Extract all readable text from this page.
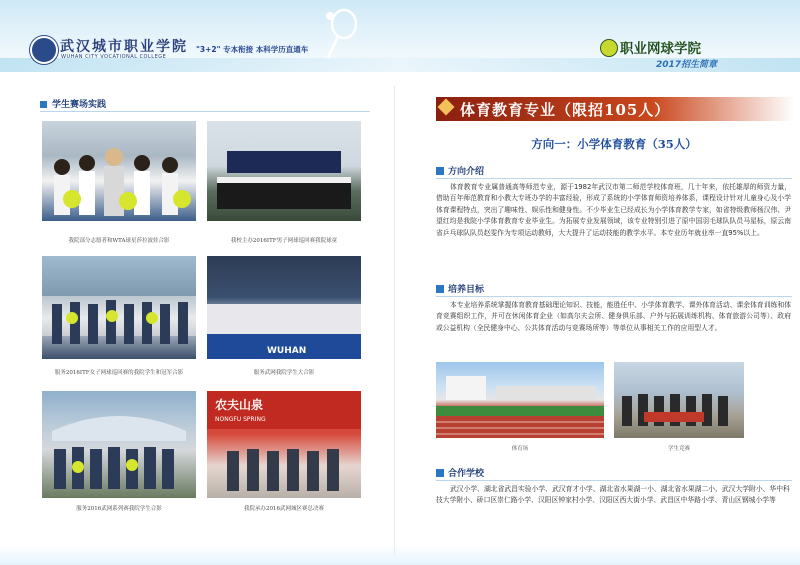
武汉城市职业学院
WUHAN CITY VOCATIONAL COLLEGE
"3+2" 专本衔接 本科学历直通车	职业网球学院
2017招生简章
学生赛场实践
我院部分志愿者和WTA球星莎拉波娃合影	我校主办2016ITF男子网球巡回赛我院球童
服务2016ITF女子网球巡回赛的我院学生和冠军合影
WUHAN
服务武网我院学生大合影
服务2016武网系列赛我院学生合影
农夫山泉
NONGFU SPRING
我院承办2016武网城区赛总决赛
体育教育专业（限招105人）
方向一：小学体育教育（35人）
方向介绍

体育教育专业属普通高等师范专业，源于1982年武汉市第二师范学校体育班，几十年来，依托雄厚的师资力量，借助百年师范教育和小教大专班办学的丰富经验，形成了系统的小学体育师资培养体系，课程设计针对儿童身心及小学体育课程特点，突出了趣味性、娱乐性和健身性。不少毕业生已经成长为小学体育教学专家，如省特级教师杨汉伟、尹望红均是我院小学体育教育专业毕业生。为拓展专业发展领域，该专业特别引进了原中国羽毛球队队员马星标，原云南省乒乓球队队员赵雯作为专项运动教师，大大提升了运动技能的教学水平。本专业历年就业率一直95%以上。

培养目标

本专业培养系统掌握体育教育基础理论知识、技能，能胜任中、小学体育教学、课外体育活动、课余体育训练和体育竞赛组织工作，并可在休闲体育企业（如高尔夫会所、健身俱乐部、户外与拓展训练机构、体育旅游公司等）、政府或公益机构（全民健身中心、公共体育活动与竞赛场所等）等单位从事相关工作的应用型人才。

体育场	学生竞赛
合作学校

武汉小学、湖北省武昌实验小学、武汉育才小学、湖北省水果湖一小、湖北省水果湖二小、武汉大学附小、华中科技大学附小、硚口区崇仁路小学、汉阳区钟家村小学、汉阳区西大街小学、武昌区中华路小学、青山区钢城小学等
